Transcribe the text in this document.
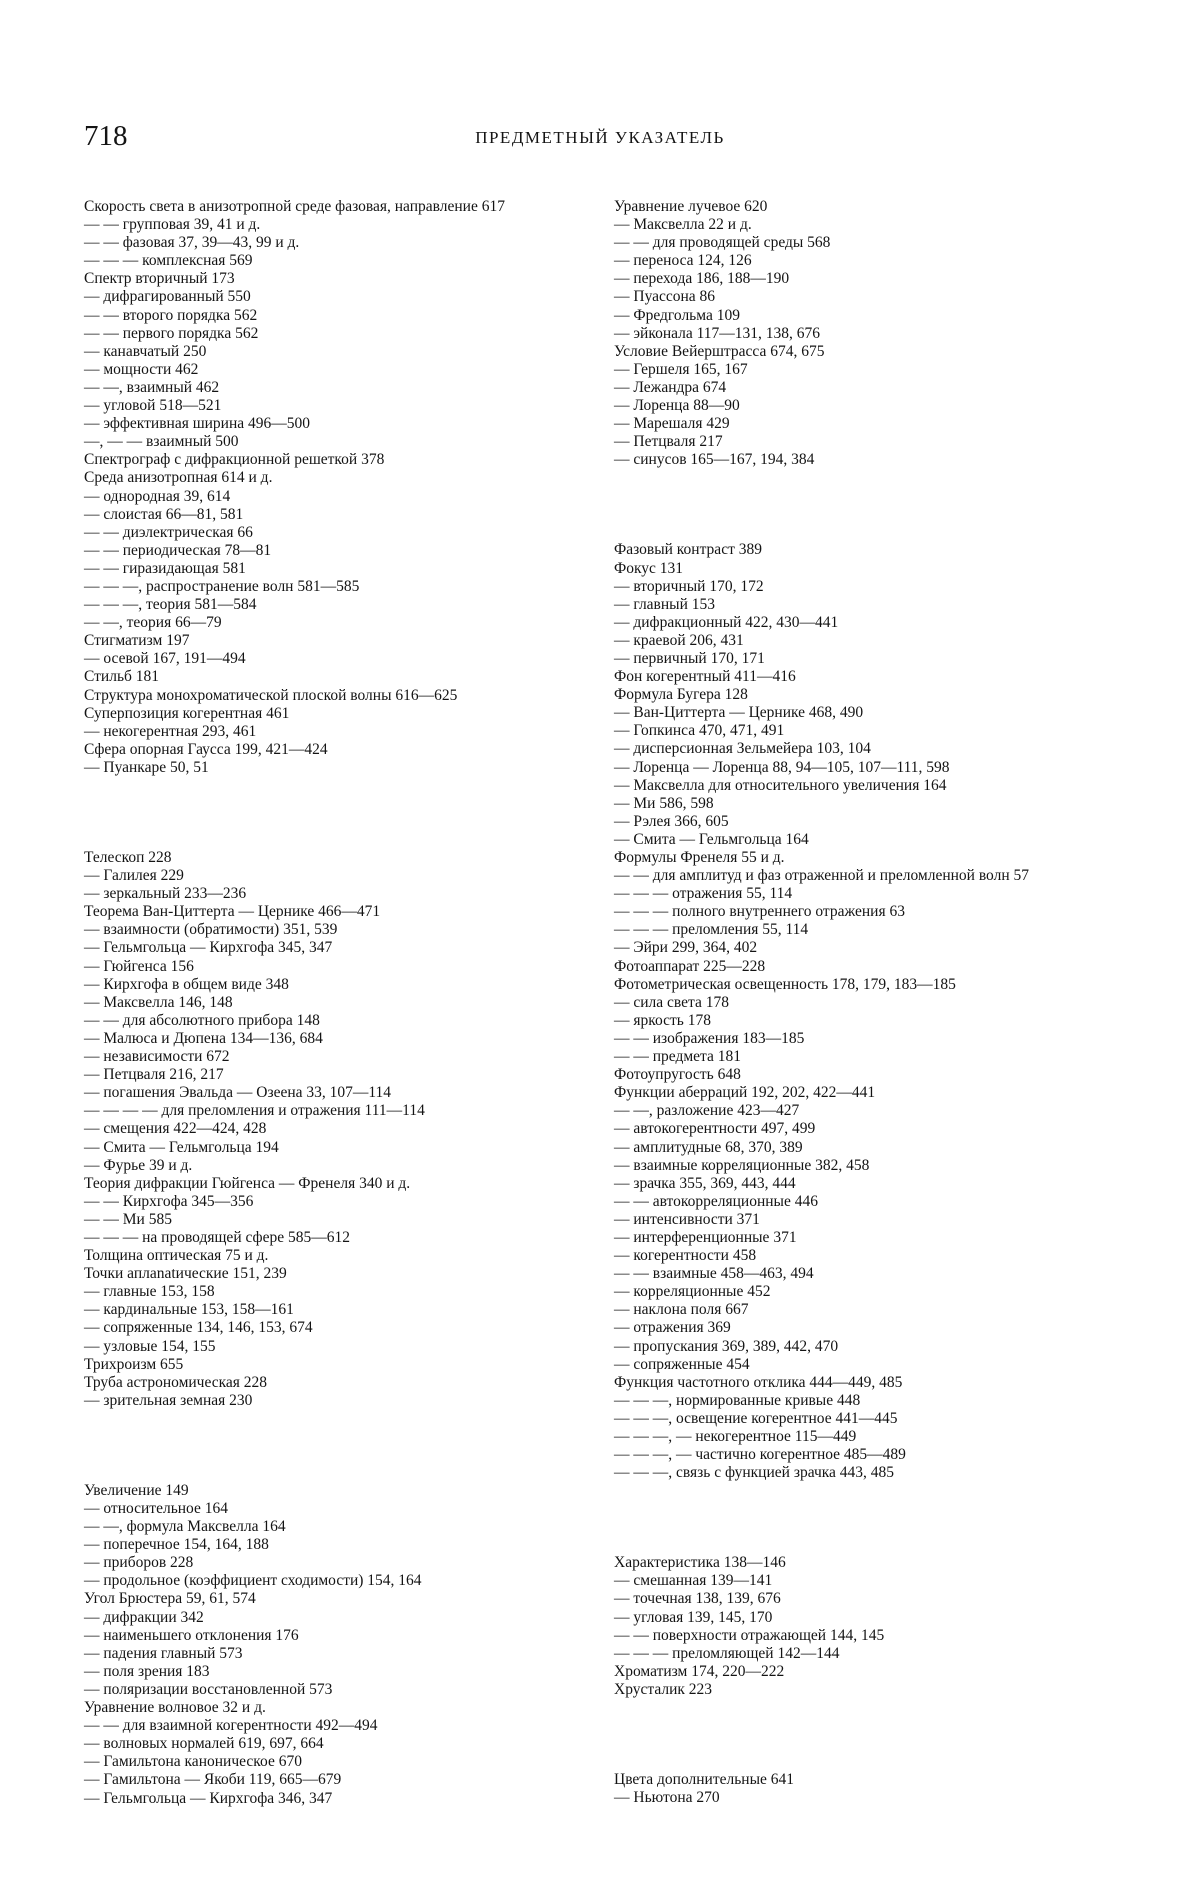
718	ПРЕДМЕТНЫЙ УКАЗАТЕЛЬ
Скорость света в анизотропной среде фазовая, направление 617
— — групповая 39, 41 и д.
— — фазовая 37, 39—43, 99 и д.
— — — комплексная 569
Спектр вторичный 173
— дифрагированный 550
— — второго порядка 562
— — первого порядка 562
— канавчатый 250
— мощности 462
— —, взаимный 462
— угловой 518—521
— эффективная ширина 496—500
—, — — взаимный 500
Спектрограф с дифракционной решеткой 378
Среда анизотропная 614 и д.
— однородная 39, 614
— слоистая 66—81, 581
— — диэлектрическая 66
— — периодическая 78—81
— — гиразидающая 581
— — —, распространение волн 581—585
— — —, теория 581—584
— —, теория 66—79
Стигматизм 197
— осевой 167, 191—494
Стильб 181
Структура монохроматической плоской волны 616—625
Суперпозиция когерентная 461
— некогерентная 293, 461
Сфера опорная Гаусса 199, 421—424
— Пуанкаре 50, 51
Телескоп 228
— Галилея 229
— зеркальный 233—236
Теорема Ван-Циттерта — Цернике 466—471
— взаимности (обратимости) 351, 539
— Гельмгольца — Кирхгофа 345, 347
— Гюйгенса 156
— Кирхгофа в общем виде 348
— Максвелла 146, 148
— — для абсолютного прибора 148
— Малюса и Дюпена 134—136, 684
— независимости 672
— Петцваля 216, 217
— погашения Эвальда — Озеена 33, 107—114
— — — — для преломления и отражения 111—114
— смещения 422—424, 428
— Смита — Гельмгольца 194
— Фурье 39 и д.
Теория дифракции Гюйгенса — Френеля 340 и д.
— — Кирхгофа 345—356
— — Ми 585
— — — на проводящей сфере 585—612
Толщина оптическая 75 и д.
Точки аплanatические 151, 239
— главные 153, 158
— кардинальные 153, 158—161
— сопряженные 134, 146, 153, 674
— узловые 154, 155
Трихроизм 655
Труба астрономическая 228
— зрительная земная 230
Увеличение 149
— относительное 164
— —, формула Максвелла 164
— поперечное 154, 164, 188
— приборов 228
— продольное (коэффициент сходимости) 154, 164
Угол Брюстера 59, 61, 574
— дифракции 342
— наименьшего отклонения 176
— падения главный 573
— поля зрения 183
— поляризации восстановленной 573
Уравнение волновое 32 и д.
— — для взаимной когерентности 492—494
— волновых нормалей 619, 697, 664
— Гамильтона каноническое 670
— Гамильтона — Якоби 119, 665—679
— Гельмгольца — Кирхгофа 346, 347
Уравнение лучевое 620
— Максвелла 22 и д.
— — для проводящей среды 568
— переноса 124, 126
— перехода 186, 188—190
— Пуассона 86
— Фредгольма 109
— эйконала 117—131, 138, 676
Условие Вейерштрасса 674, 675
— Гершеля 165, 167
— Лежандра 674
— Лоренца 88—90
— Марешаля 429
— Петцваля 217
— синусов 165—167, 194, 384
Фазовый контраст 389
Фокус 131
— вторичный 170, 172
— главный 153
— дифракционный 422, 430—441
— краевой 206, 431
— первичный 170, 171
Фон когерентный 411—416
Формула Бугера 128
— Ван-Циттерта — Цернике 468, 490
— Гопкинса 470, 471, 491
— дисперсионная Зельмейера 103, 104
— Лоренца — Лоренца 88, 94—105, 107—111, 598
— Максвелла для относительного увеличения 164
— Ми 586, 598
— Рэлея 366, 605
— Смита — Гельмгольца 164
Формулы Френеля 55 и д.
— — для амплитуд и фаз отраженной и преломленной волн 57
— — — отражения 55, 114
— — — полного внутреннего отражения 63
— — — преломления 55, 114
— Эйри 299, 364, 402
Фотоаппарат 225—228
Фотометрическая освещенность 178, 179, 183—185
— сила света 178
— яркость 178
— — изображения 183—185
— — предмета 181
Фотоупругость 648
Функции аберраций 192, 202, 422—441
— —, разложение 423—427
— автокогерентности 497, 499
— амплитудные 68, 370, 389
— взаимные корреляционные 382, 458
— зрачка 355, 369, 443, 444
— — автокорреляционные 446
— интенсивности 371
— интерференционные 371
— когерентности 458
— — взаимные 458—463, 494
— корреляционные 452
— наклона поля 667
— отражения 369
— пропускания 369, 389, 442, 470
— сопряженные 454
Функция частотного отклика 444—449, 485
— — —, нормированные кривые 448
— — —, освещение когерентное 441—445
— — —, — некогерентное 115—449
— — —, — частично когерентное 485—489
— — —, связь с функцией зрачка 443, 485
Характеристика 138—146
— смешанная 139—141
— точечная 138, 139, 676
— угловая 139, 145, 170
— — поверхности отражающей 144, 145
— — — преломляющей 142—144
Хроматизм 174, 220—222
Хрусталик 223
Цвета дополнительные 641
— Ньютона 270
